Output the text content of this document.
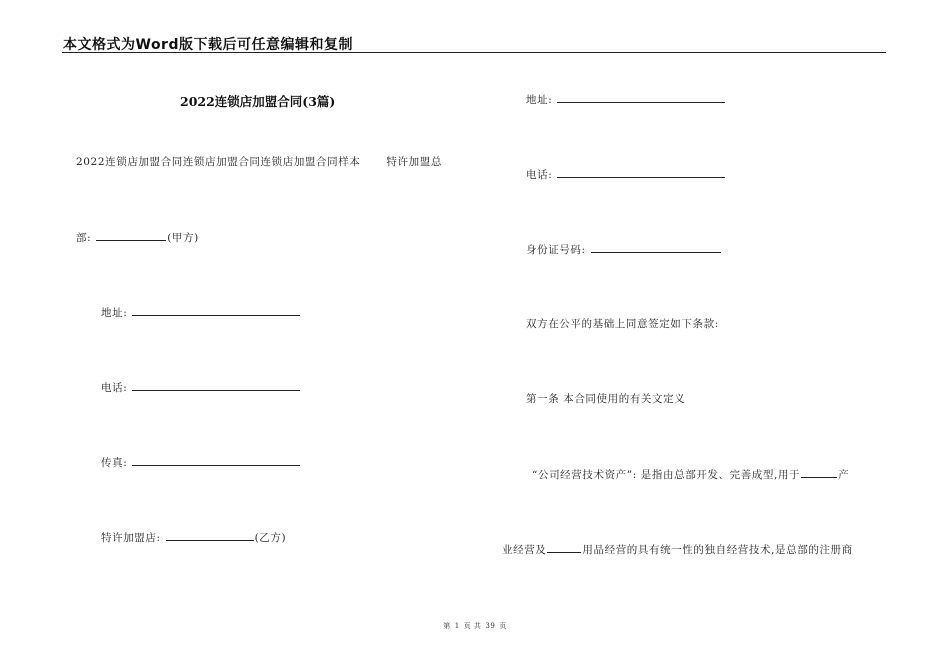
本文格式为Word版下载后可任意编辑和复制
2022连锁店加盟合同(3篇)
2022连锁店加盟合同连锁店加盟合同连锁店加盟合同样本 特许加盟总
部:	(甲方)
地址:
电话:
传真:
特许加盟店:	(乙方)
地址:
电话:
身份证号码:
双方在公平的基础上同意签定如下条款:
第一条 本合同使用的有关文定义
“公司经营技术资产”: 是指由总部开发、完善成型,用于	产
业经营及	用品经营的具有统一性的独自经营技术,是总部的注册商
第 1 页 共 39 页
